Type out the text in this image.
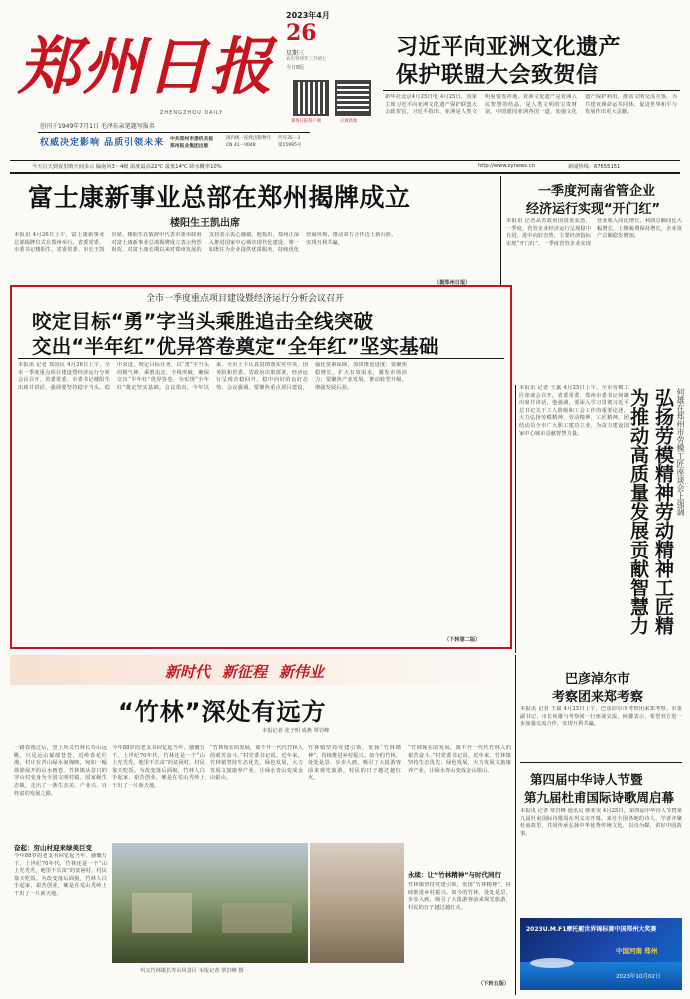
郑州日报
ZHENGZHOU DAILY
创刊于1949年7月1日 毛泽东亲笔题写报名
权威决定影响 品质引领未来 中共郑州市委机关报
郑州报业集团出版
国内统一连续出版物号
CN 41－0048
代号35－3
第15995号
2023年4月
26
星期三
农历癸卯年三月初七
今日8版
郑州日报客户端	正观新闻
今天白天到夜里晴天间多云 偏南风3～4级 温度最高22℃ 最低14℃ 降水概率10%	http://www.zynews.cn	新闻热线：67655151
习近平向亚洲文化遗产
保护联盟大会致贺信
新华社北京4月25日电 4月25日，国家主席习近平向亚洲文化遗产保护联盟大会致贺信。习近平指出，亚洲是人类文明重要发祥地。亚洲文化遗产是亚洲人民智慧的结晶，是人类文明的宝贵财富。中国愿同亚洲各国一道，加强文化遗产保护利用，推动文明交流互鉴，为共建亚洲命运共同体、促进世界和平与发展作出更大贡献。
富士康新事业总部在郑州揭牌成立
楼阳生王凯出席
本报讯 4月26日上午，富士康新事业总部揭牌仪式在郑州举行。省委常委、市委书记楼阳生，省委常委、市长王凯出席。楼阳生在致辞中代表市委市政府对富士康新事业总部揭牌成立表示热烈祝贺，对富士康长期以来对郑州发展的支持表示衷心感谢。他指出，郑州正深入推进国家中心城市现代化建设，将一如既往为企业提供优质服务，持续优化营商环境，推动双方合作迈上新台阶，实现互利共赢。
（据郑州日报）
一季度河南省管企业
经济运行实现“开门红”
本报讯 记者从省政府国资委获悉，一季度，省管企业经济运行呈现稳中有进、进中向好态势，主要经济指标实现“开门红”。一季度省管企业实现营业收入同比增长，利润总额同比大幅增长，上缴税费保持增长，企业资产总额稳步增加。
全市一季度重点项目建设暨经济运行分析会议召开
咬定目标“勇”字当头乘胜追击全线突破
交出“半年红”优异答卷奠定“全年红”坚实基础
本报讯 记者 郑国民 4月26日上午，全市一季度重点项目建设暨经济运行分析会议召开。省委常委、市委书记楼阳生出席并讲话，强调要坚持稳字当头、稳中求进，咬定目标任务，以“勇”字当头的精气神，乘胜追击、全线突破，确保交出“半年红”优异答卷，为实现“全年红”奠定坚实基础。会议指出，今年以来，全市上下认真贯彻落实党中央、国务院和省委、省政府决策部署，经济运行呈现企稳回升、稳中向好的良好态势。会议强调，要聚焦重点项目建设，强化要素保障，加快推进进度；要聚焦稳增长，扩大有效需求，激发市场活力；要聚焦产业发展，推动转型升级，增强发展后劲。
（下转第二版）
本报讯 记者 王斌 4月25日上午，全市劳模工匠座谈会召开。省委常委、郑州市委书记何雄出席并讲话，他强调，要深入学习贯彻习近平总书记关于工人阶级和工会工作的重要论述，大力弘扬劳模精神、劳动精神、工匠精神，团结动员全市广大职工建功立业，为奋力建设国家中心城市贡献智慧力量。
弘扬劳模精神劳动精神工匠精
为推动高质量发展贡献智慧力
何雄在郑州市劳模工匠座谈会上强调
新时代 新征程 新伟业
“竹林”深处有远方
本报记者 张子明 成燕 覃岩峰
一路春雨过后，登上巩义竹林长寿山远眺，只见远山郁郁苍苍，近岭春花烂漫，村庄在青山绿水间掩映，宛如一幅徐徐展开的山水画卷。竹林镇从昔日的穷山村变身为全国文明村镇、国家级生态镇，走出了一条生态美、产业兴、百姓富的发展之路。
今年88岁的老支书回忆起当年，感慨万千。上世纪70年代，竹林还是一个“山上光秃秃，地里不长苗”的贫困村，村民靠天吃饭。为改变落后面貌，竹林人白手起家、艰苦创业，硬是在荒山秃岭上干出了一片新天地。
“竹林现在的发展，离不开一代代竹林人的艰苦奋斗。”村党委书记说。近年来，竹林镇坚持生态优先、绿色发展，大力发展文旅康养产业，让绿水青山变成金山银山。
竹林镇坚持党建引领，发扬“竹林精神”，持续推进乡村振兴。如今的竹林，处处是景、步步入画，吸引了大批游客前来观光旅游，村民的日子越过越红火。
奋起：穷山村迎来绿美巨变
今年88岁的老支书回忆起当年，感慨万千。上世纪70年代，竹林还是一个“山上光秃秃，地里不长苗”的贫困村，村民靠天吃饭。为改变落后面貌，竹林人白手起家、艰苦创业，硬是在荒山秃岭上干出了一片新天地。
巩义竹林镇长寿山风景区 本报记者 覃岩峰 摄
“竹林现在的发展，离不开一代代竹林人的艰苦奋斗。”村党委书记说。近年来，竹林镇坚持生态优先、绿色发展，大力发展文旅康养产业，让绿水青山变成金山银山。
永续：让“竹林精神”与时代同行
竹林镇坚持党建引领，发扬“竹林精神”，持续推进乡村振兴。如今的竹林，处处是景、步步入画，吸引了大批游客前来观光旅游，村民的日子越过越红火。
（下转五版）
巴彦淖尔市
考察团来郑考察
本报讯 记者 王斌 4月25日上午，巴彦淖尔市考察团来郑考察。市委副书记、市长何雄与考察团一行座谈交流。何雄表示，希望双方进一步加强交流合作，实现互利共赢。
第四届中华诗人节暨
第九届杜甫国际诗歌周启幕
本报讯 记者 覃岩峰 通讯员 韩亚雯 4月25日，第四届中华诗人节暨第九届杜甫国际诗歌周在巩义市开幕。来自全国各地的诗人、学者齐聚杜甫故里，共同传承弘扬中华优秀传统文化，以诗为媒，讲好中国故事。
2023U.M.F1摩托艇世界锦标赛中国郑州大奖赛
中国河南 郑州
2023年10月02日
